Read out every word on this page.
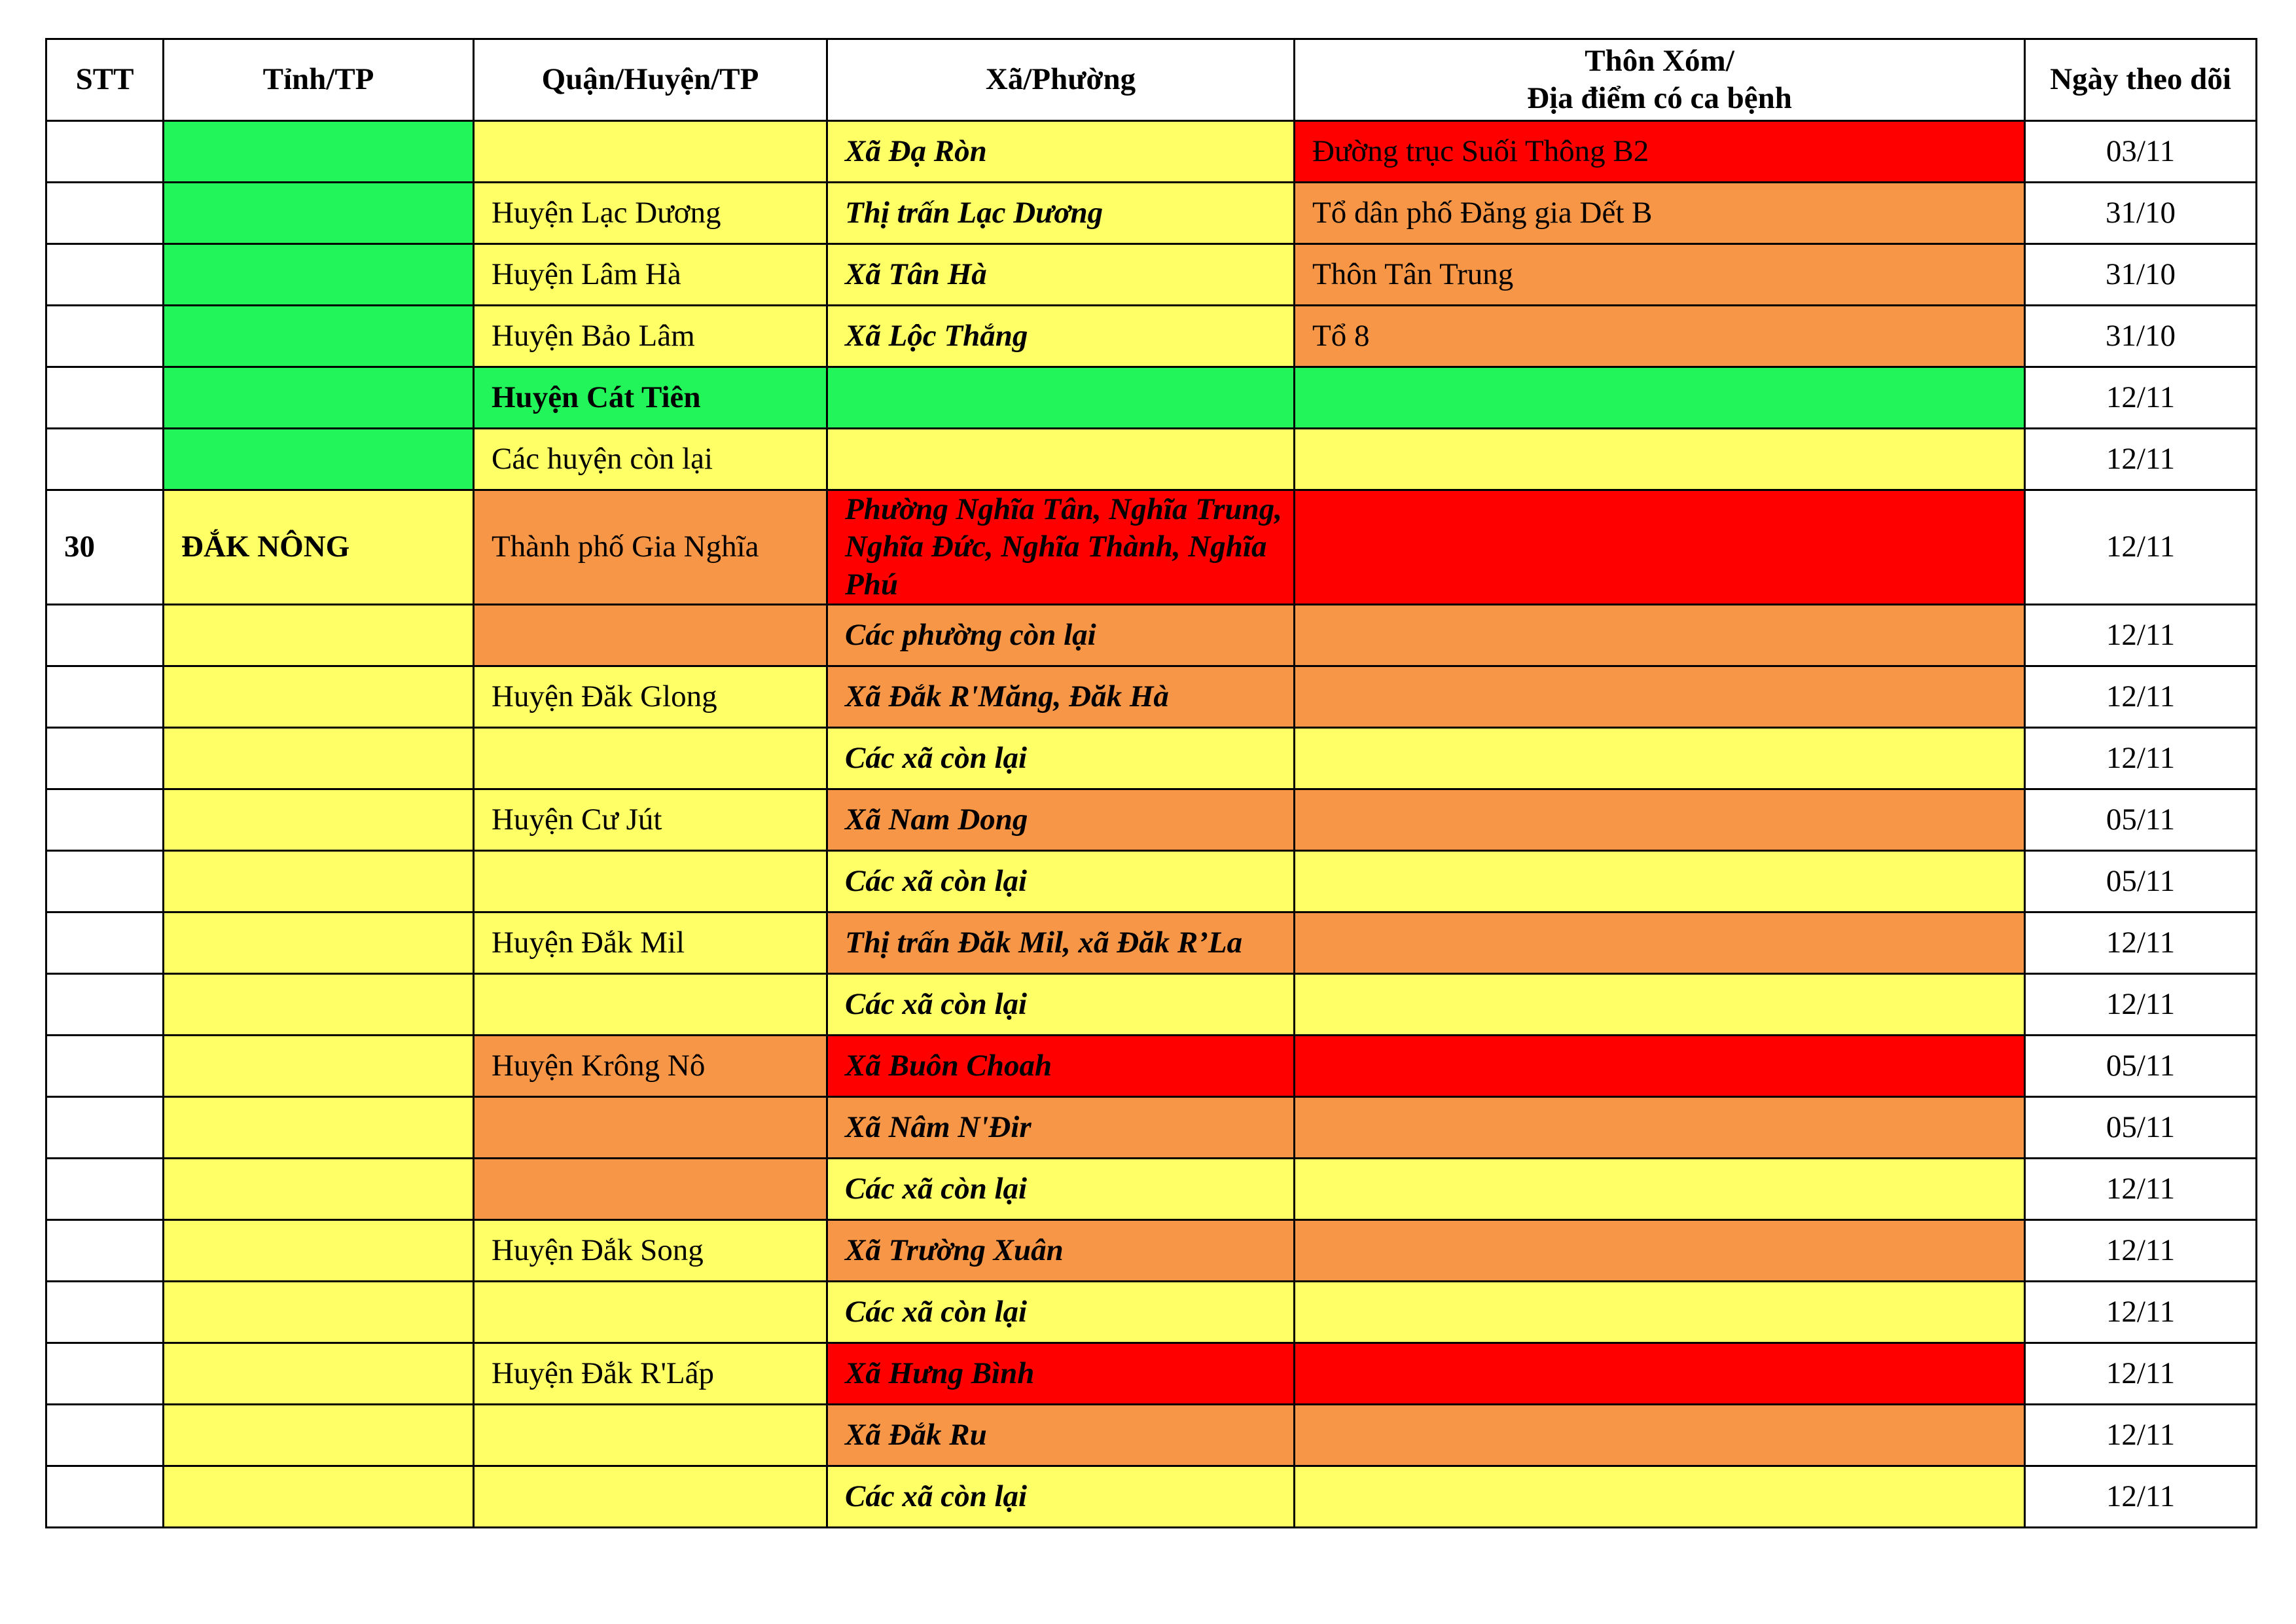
STT	Tỉnh/TP	Quận/Huyện/TP	Xã/Phường	Thôn Xóm/
Địa điểm có ca bệnh	Ngày theo dõi
			Xã Đạ Ròn	Đường trục Suối Thông B2	03/11
		Huyện Lạc Dương	Thị trấn Lạc Dương	Tổ dân phố Đăng gia Dết B	31/10
		Huyện Lâm Hà	Xã Tân Hà	Thôn Tân Trung	31/10
		Huyện Bảo Lâm	Xã Lộc Thắng	Tổ 8	31/10
		Huyện Cát Tiên			12/11
		Các huyện còn lại			12/11
30	ĐẮK NÔNG	Thành phố Gia Nghĩa	Phường Nghĩa Tân, Nghĩa Trung, Nghĩa Đức, Nghĩa Thành, Nghĩa Phú		12/11
			Các phường còn lại		12/11
		Huyện Đăk Glong	Xã Đắk R'Măng, Đăk Hà		12/11
			Các xã còn lại		12/11
		Huyện Cư Jút	Xã Nam Dong		05/11
			Các xã còn lại		05/11
		Huyện Đắk Mil	Thị trấn Đăk Mil, xã Đăk R’La		12/11
			Các xã còn lại		12/11
		Huyện Krông Nô	Xã Buôn Choah		05/11
			Xã Nâm N'Đir		05/11
			Các xã còn lại		12/11
		Huyện Đắk Song	Xã Trường Xuân		12/11
			Các xã còn lại		12/11
		Huyện Đắk R'Lấp	Xã Hưng Bình		12/11
			Xã Đắk Ru		12/11
			Các xã còn lại		12/11
